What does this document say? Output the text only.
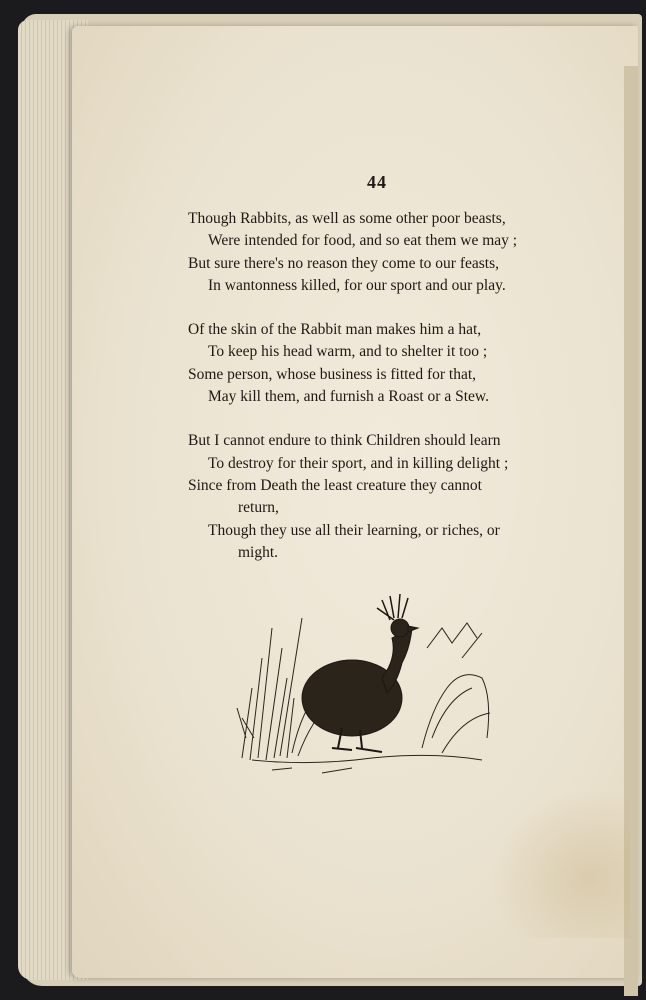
44
Though Rabbits, as well as some other poor beasts,
Were intended for food, and so eat them we may ;
But sure there's no reason they come to our feasts,
In wantonness killed, for our sport and our play.
Of the skin of the Rabbit man makes him a hat,
To keep his head warm, and to shelter it too ;
Some person, whose business is fitted for that,
May kill them, and furnish a Roast or a Stew.
But I cannot endure to think Children should learn
To destroy for their sport, and in killing delight ;
Since from Death the least creature they cannot
return,
Though they use all their learning, or riches, or
might.
